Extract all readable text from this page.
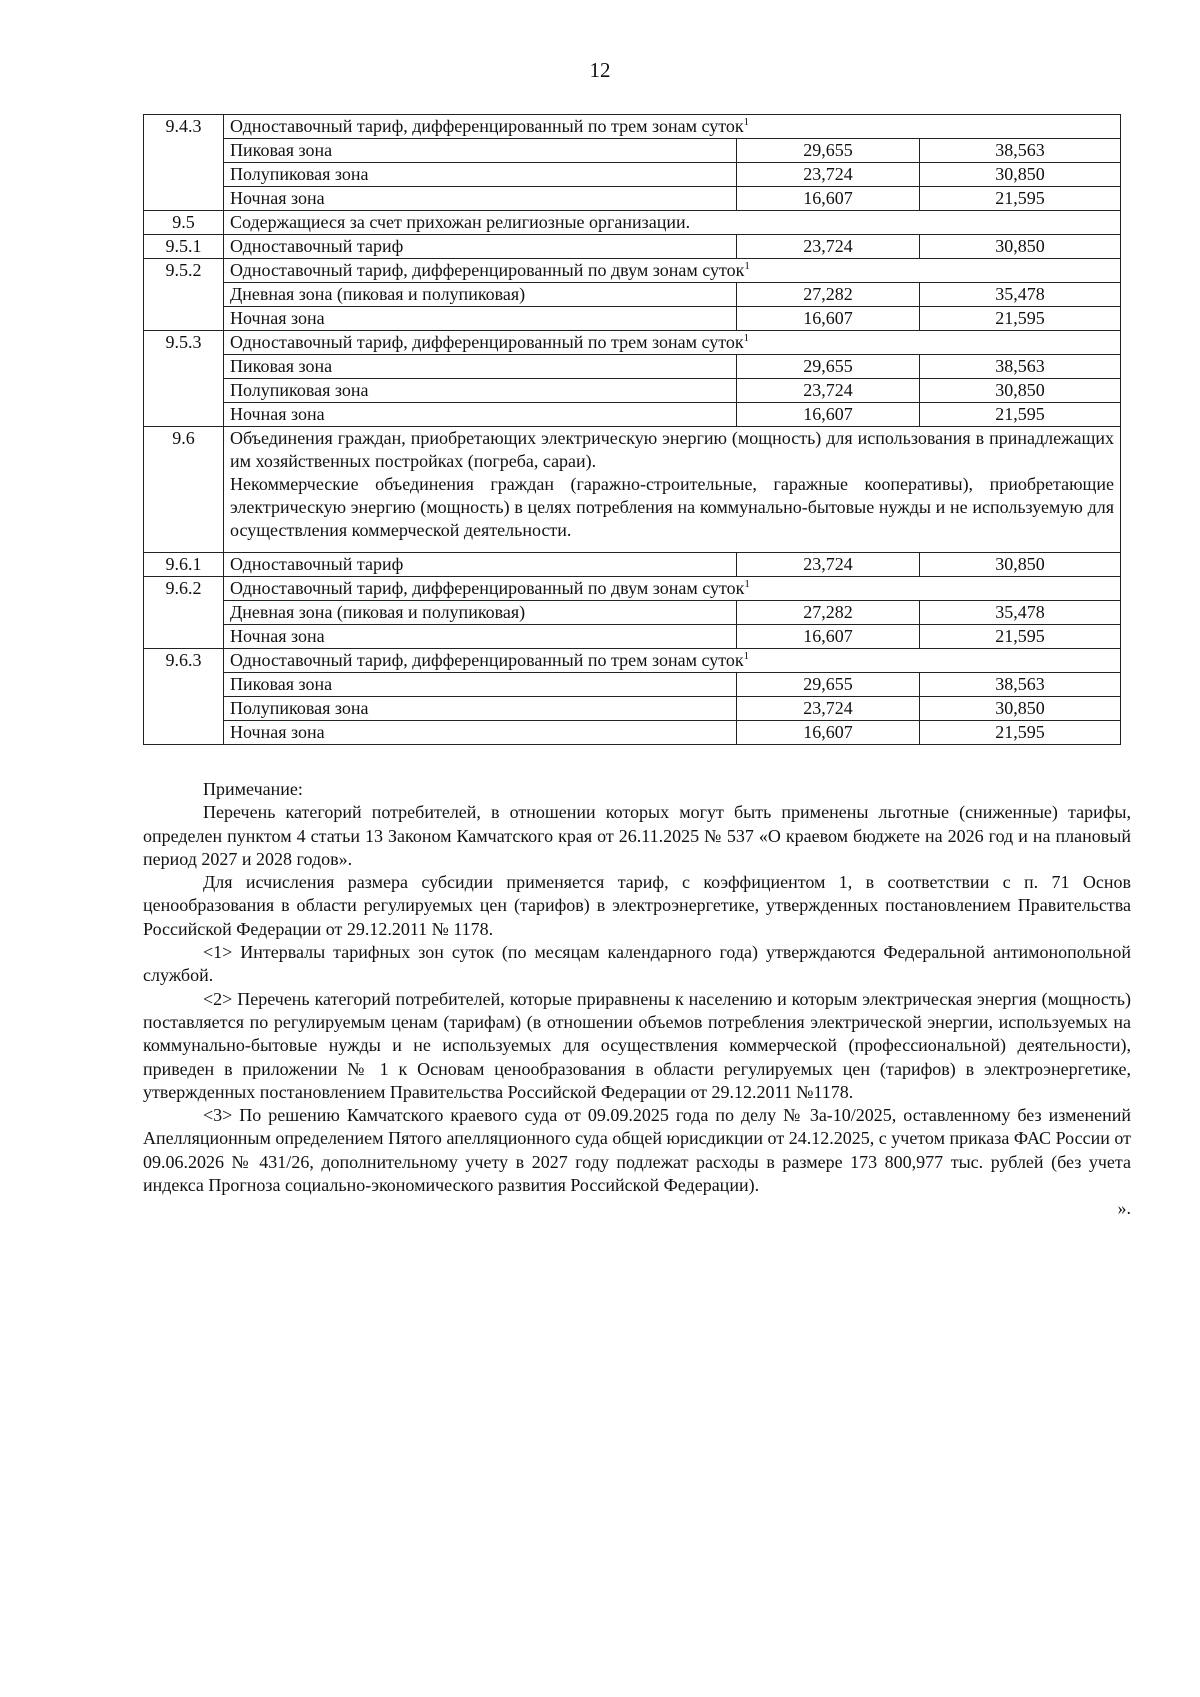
12
9.4.3	Одноставочный тариф, дифференцированный по трем зонам суток$^1$
	Пиковая зона	29,655	38,563
	Полупиковая зона	23,724	30,850
	Ночная зона	16,607	21,595
9.5	Содержащиеся за счет прихожан религиозные организации.		
9.5.1	Одноставочный тариф	23,724	30,850
9.5.2	Одноставочный тариф, дифференцированный по двум зонам суток$^1$
	Дневная зона (пиковая и полупиковая)	27,282	35,478
	Ночная зона	16,607	21,595
9.5.3	Одноставочный тариф, дифференцированный по трем зонам суток$^1$
	Пиковая зона	29,655	38,563
	Полупиковая зона	23,724	30,850
	Ночная зона	16,607	21,595
9.6	Объединения граждан, приобретающих электрическую энергию (мощность) для использования в принадлежащих им хозяйственных постройках (погреба, сараи).

Некоммерческие объединения граждан (гаражно-строительные, гаражные кооперативы), приобретающие электрическую энергию (мощность) в целях потребления на коммунально-бытовые нужды и не используемую для осуществления коммерческой деятельности.		

9.6.1	Одноставочный тариф	23,724	30,850
9.6.2	Одноставочный тариф, дифференцированный по двум зонам суток$^1$
	Дневная зона (пиковая и полупиковая)	27,282	35,478
	Ночная зона	16,607	21,595
9.6.3	Одноставочный тариф, дифференцированный по трем зонам суток$^1$
	Пиковая зона	29,655	38,563
	Полупиковая зона	23,724	30,850
	Ночная зона	16,607	21,595

Примечание:

Перечень категорий потребителей, в отношении которых могут быть применены льготные (сниженные) тарифы, определен пунктом 4 статьи 13 Законом Камчатского края от 26.11.2025 № 537 «О краевом бюджете на 2026 год и на плановый период 2027 и 2028 годов».

Для исчисления размера субсидии применяется тариф, с коэффициентом 1, в соответствии с п. 71 Основ ценообразования в области регулируемых цен (тарифов) в электроэнергетике, утвержденных постановлением Правительства Российской Федерации от 29.12.2011 № 1178.

<1> Интервалы тарифных зон суток (по месяцам календарного года) утверждаются Федеральной антимонопольной службой.

<2> Перечень категорий потребителей, которые приравнены к населению и которым электрическая энергия (мощность) поставляется по регулируемым ценам (тарифам) (в отношении объемов потребления электрической энергии, используемых на коммунально-бытовые нужды и не используемых для осуществления коммерческой (профессиональной) деятельности), приведен в приложении № 1 к Основам ценообразования в области регулируемых цен (тарифов) в электроэнергетике, утвержденных постановлением Правительства Российской Федерации от 29.12.2011 №1178.

<3> По решению Камчатского краевого суда от 09.09.2025 года по делу № 3а-10/2025, оставленному без изменений Апелляционным определением Пятого апелляционного суда общей юрисдикции от 24.12.2025, с учетом приказа ФАС России от 09.06.2026 № 431/26, дополнительному учету в 2027 году подлежат расходы в размере 173 800,977 тыс. рублей (без учета индекса Прогноза социально-экономического развития Российской Федерации).

».
